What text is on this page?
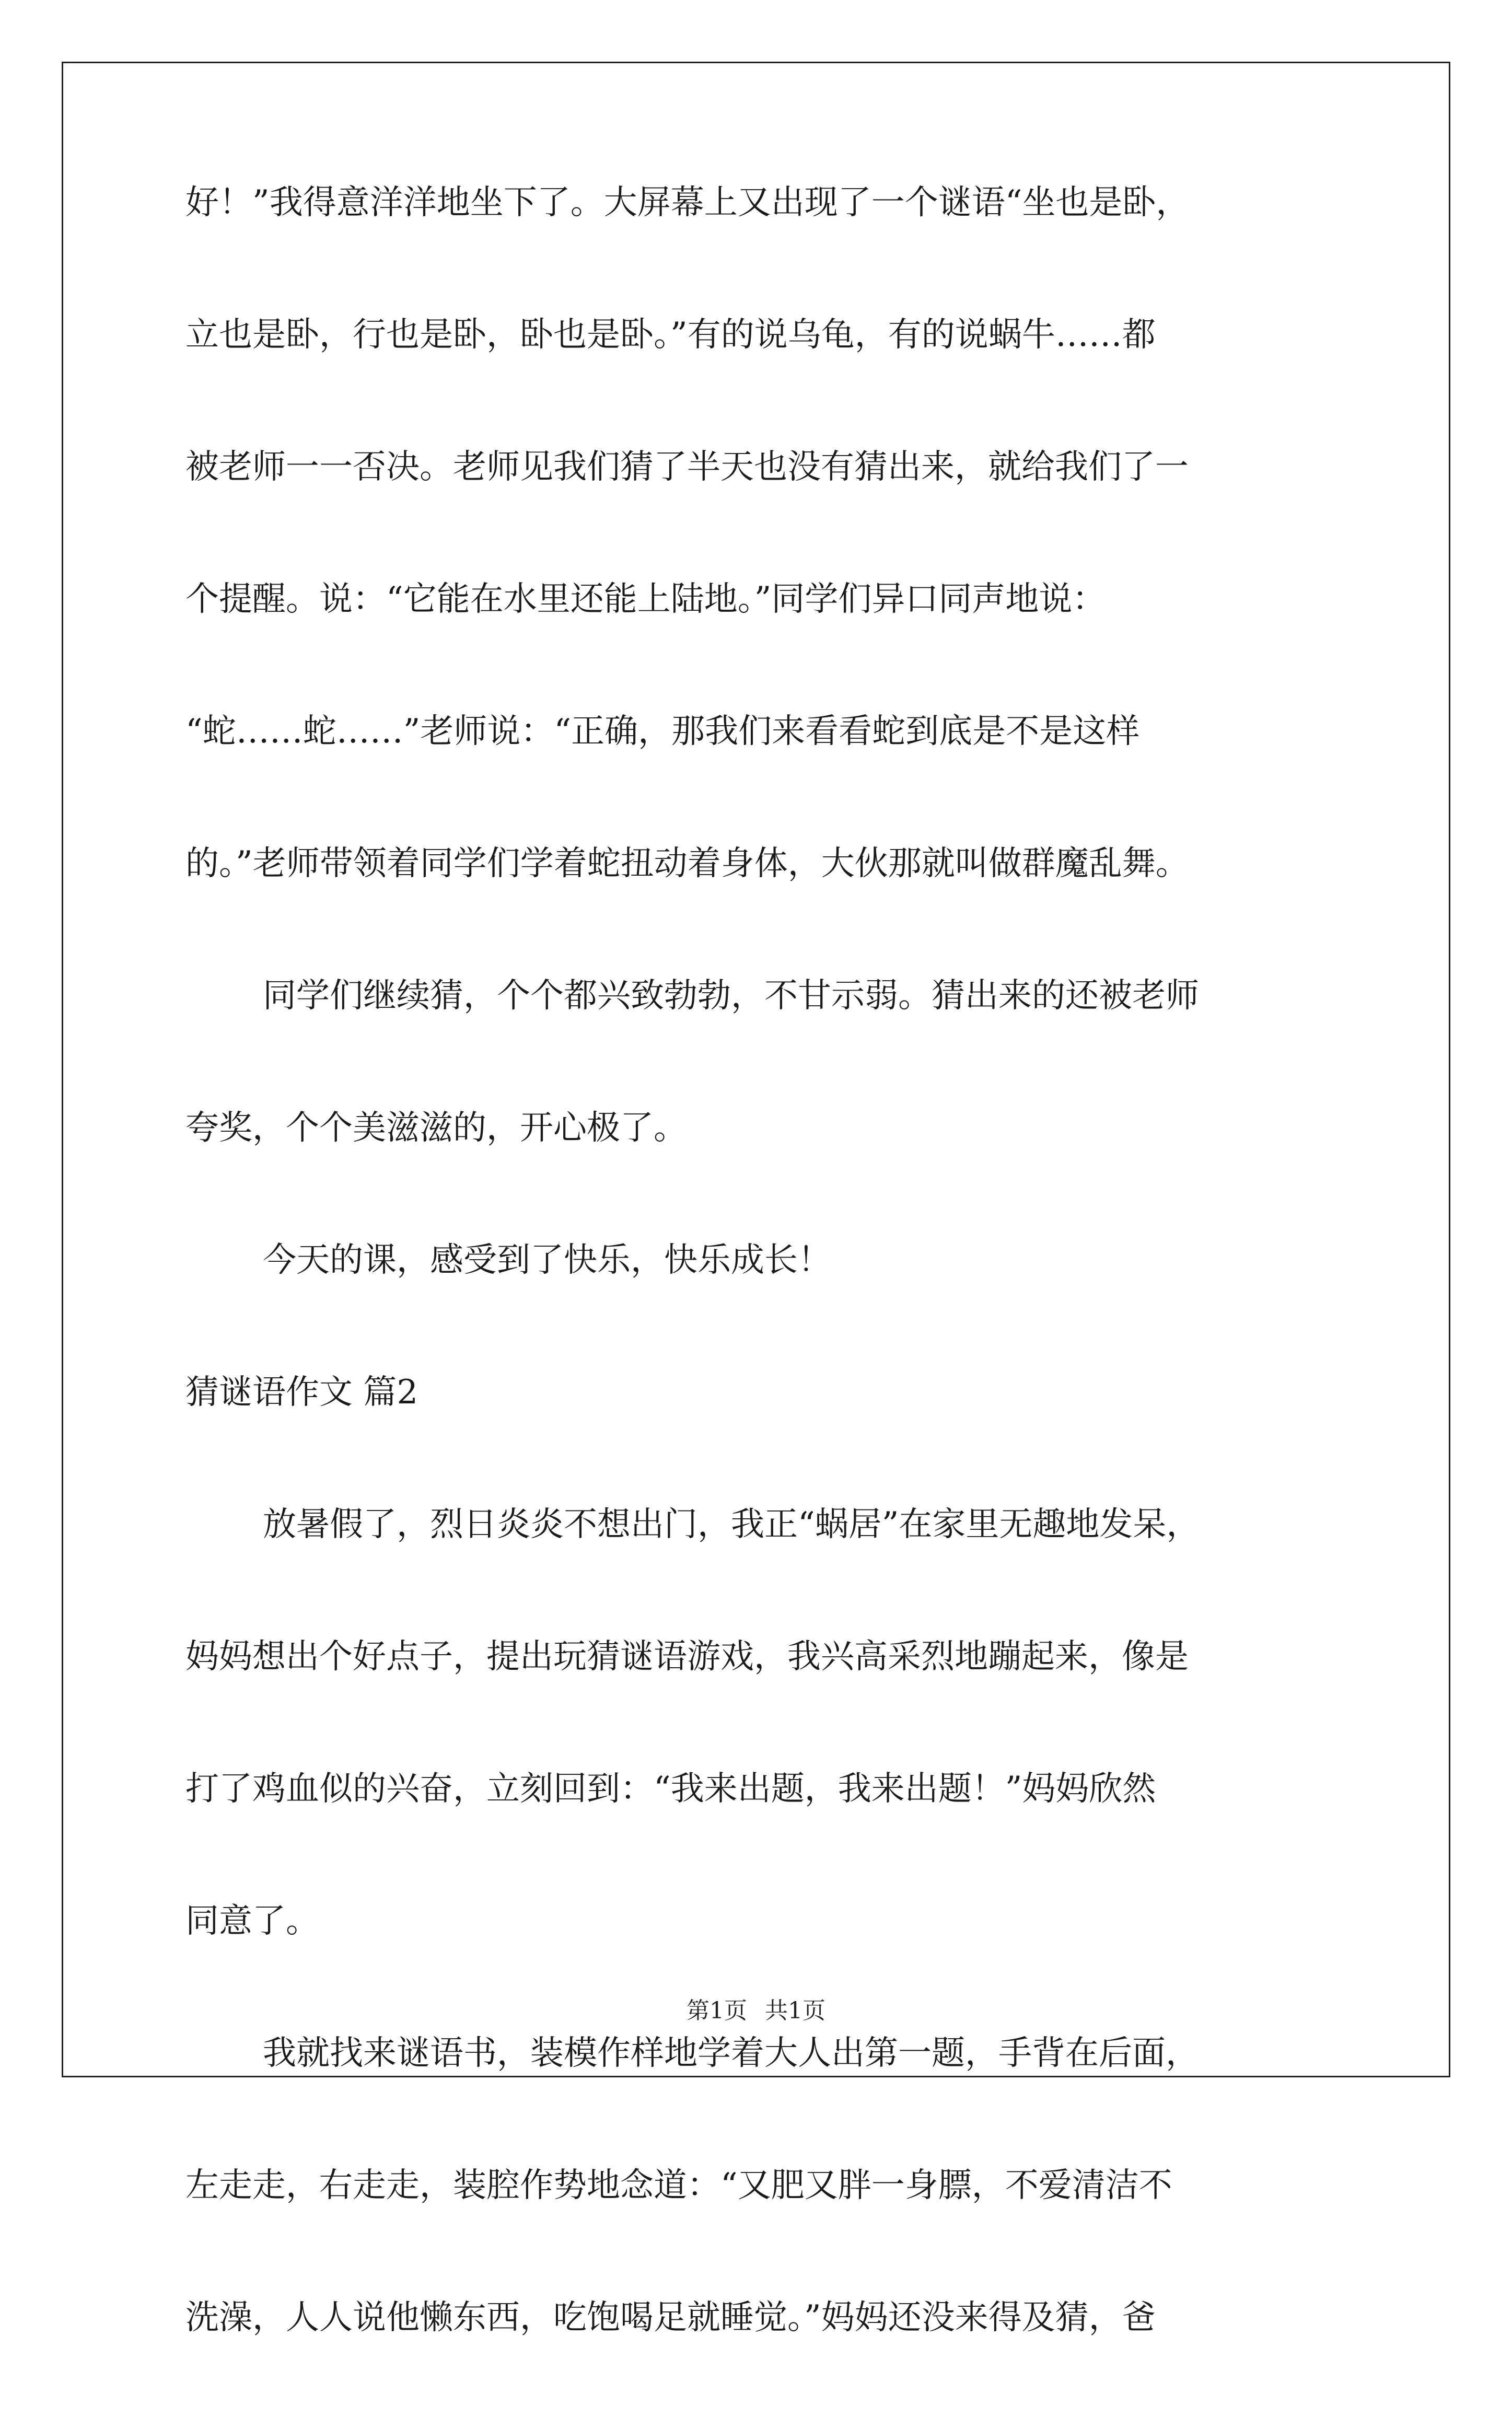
好！”我得意洋洋地坐下了。大屏幕上又出现了一个谜语“坐也是卧，
立也是卧，行也是卧，卧也是卧。”有的说乌龟，有的说蜗牛……都
被老师一一否决。老师见我们猜了半天也没有猜出来，就给我们了一
个提醒。说：“它能在水里还能上陆地。”同学们异口同声地说：
“蛇……蛇……”老师说：“正确，那我们来看看蛇到底是不是这样
的。”老师带领着同学们学着蛇扭动着身体，大伙那就叫做群魔乱舞。
同学们继续猜，个个都兴致勃勃，不甘示弱。猜出来的还被老师
夸奖，个个美滋滋的，开心极了。
今天的课，感受到了快乐，快乐成长！
猜谜语作文 篇2
放暑假了，烈日炎炎不想出门，我正“蜗居”在家里无趣地发呆，
妈妈想出个好点子，提出玩猜谜语游戏，我兴高采烈地蹦起来，像是
打了鸡血似的兴奋，立刻回到：“我来出题，我来出题！”妈妈欣然
同意了。
我就找来谜语书，装模作样地学着大人出第一题，手背在后面，
左走走，右走走，装腔作势地念道：“又肥又胖一身膘，不爱清洁不
洗澡，人人说他懒东西，吃饱喝足就睡觉。”妈妈还没来得及猜，爸
第1页 共1页
